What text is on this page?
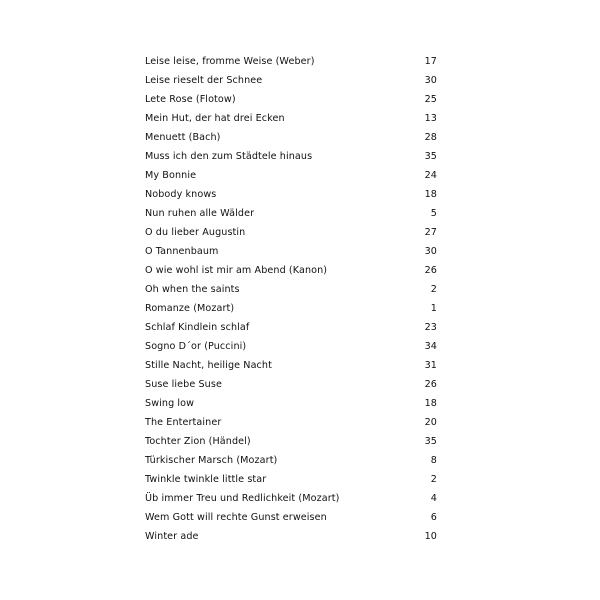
Leise leise, fromme Weise (Weber)	17
Leise rieselt der Schnee	30
Lete Rose (Flotow)	25
Mein Hut, der hat drei Ecken	13
Menuett (Bach)	28
Muss ich den zum Städtele hinaus	35
My Bonnie	24
Nobody knows	18
Nun ruhen alle Wälder	5
O du lieber Augustin	27
O Tannenbaum	30
O wie wohl ist mir am Abend (Kanon)	26
Oh when the saints	2
Romanze (Mozart)	1
Schlaf Kindlein schlaf	23
Sogno D´or (Puccini)	34
Stille Nacht, heilige Nacht	31
Suse liebe Suse	26
Swing low	18
The Entertainer	20
Tochter Zion (Händel)	35
Türkischer Marsch (Mozart)	8
Twinkle twinkle little star	2
Üb immer Treu und Redlichkeit (Mozart)	4
Wem Gott will rechte Gunst erweisen	6
Winter ade	10
